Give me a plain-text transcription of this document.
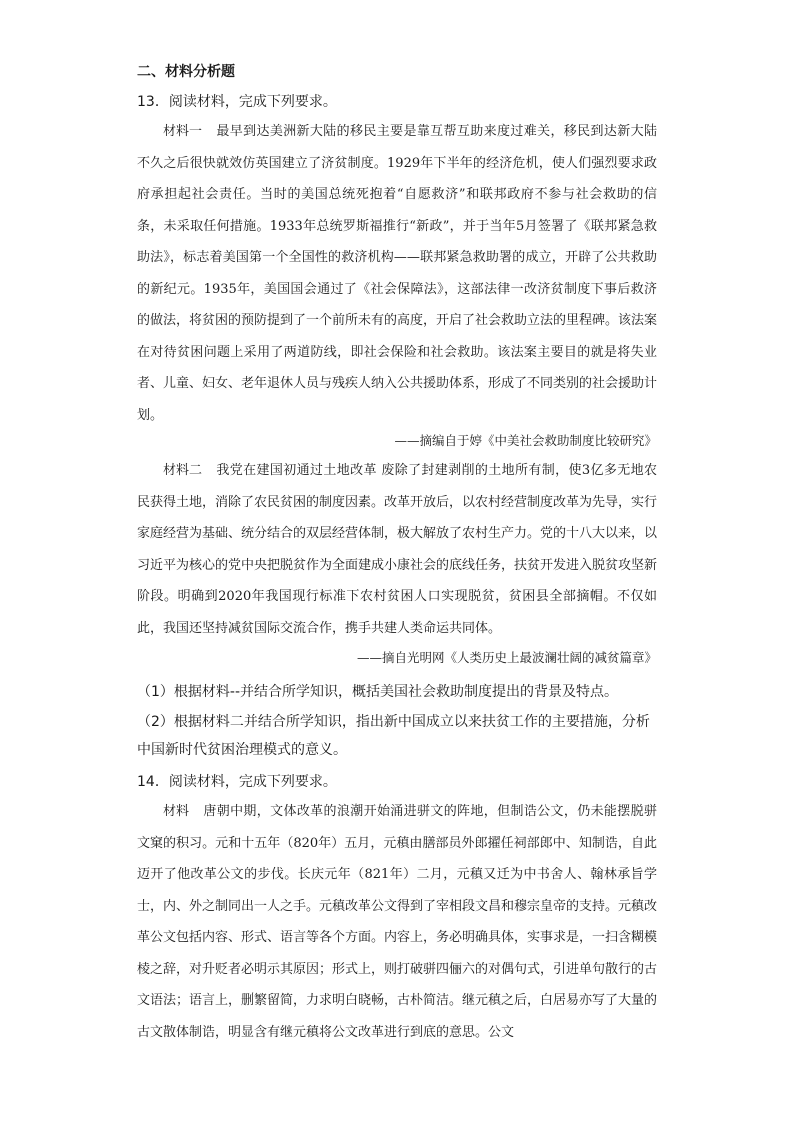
二、材料分析题
13．阅读材料，完成下列要求。

材料一 最早到达美洲新大陆的移民主要是靠互帮互助来度过难关，移民到达新大陆不久之后很快就效仿英国建立了济贫制度。1929年下半年的经济危机，使人们强烈要求政府承担起社会责任。当时的美国总统死抱着“自愿救济”和联邦政府不参与社会救助的信条，未采取任何措施。1933年总统罗斯福推行“新政”，并于当年5月签署了《联邦紧急救助法》，标志着美国第一个全国性的救济机构——联邦紧急救助署的成立，开辟了公共救助的新纪元。1935年，美国国会通过了《社会保障法》，这部法律一改济贫制度下事后救济的做法，将贫困的预防提到了一个前所未有的高度，开启了社会救助立法的里程碑。该法案在对待贫困问题上采用了两道防线，即社会保险和社会救助。该法案主要目的就是将失业者、儿童、妇女、老年退休人员与残疾人纳入公共援助体系，形成了不同类别的社会援助计划。

——摘编自于婷《中美社会救助制度比较研究》

材料二 我党在建国初通过土地改革 废除了封建剥削的土地所有制，使3亿多无地农民获得土地，消除了农民贫困的制度因素。改革开放后，以农村经营制度改革为先导，实行家庭经营为基础、统分结合的双层经营体制，极大解放了农村生产力。党的十八大以来，以习近平为核心的党中央把脱贫作为全面建成小康社会的底线任务，扶贫开发进入脱贫攻坚新阶段。明确到2020年我国现行标准下农村贫困人口实现脱贫，贫困县全部摘帽。不仅如此，我国还坚持减贫国际交流合作，携手共建人类命运共同体。

——摘自光明网《人类历史上最波澜壮阔的减贫篇章》

（1）根据材料--并结合所学知识，概括美国社会救助制度提出的背景及特点。

（2）根据材料二并结合所学知识，指出新中国成立以来扶贫工作的主要措施，分析中国新时代贫困治理模式的意义。

14．阅读材料，完成下列要求。

材料 唐朝中期，文体改革的浪潮开始涌进骈文的阵地，但制诰公文，仍未能摆脱骈文窠的积习。元和十五年（820年）五月，元稹由膳部员外郎擢任祠部郎中、知制诰，自此迈开了他改革公文的步伐。长庆元年（821年）二月，元稹又迁为中书舍人、翰林承旨学士，内、外之制同出一人之手。元稹改革公文得到了宰相段文昌和穆宗皇帝的支持。元稹改革公文包括内容、形式、语言等各个方面。内容上，务必明确具体，实事求是，一扫含糊模棱之辞，对升贬者必明示其原因；形式上，则打破骈四俪六的对偶句式，引进单句散行的古文语法；语言上，删繁留简，力求明白晓畅，古朴简洁。继元稹之后，白居易亦写了大量的古文散体制诰，明显含有继元稹将公文改革进行到底的意思。公文
